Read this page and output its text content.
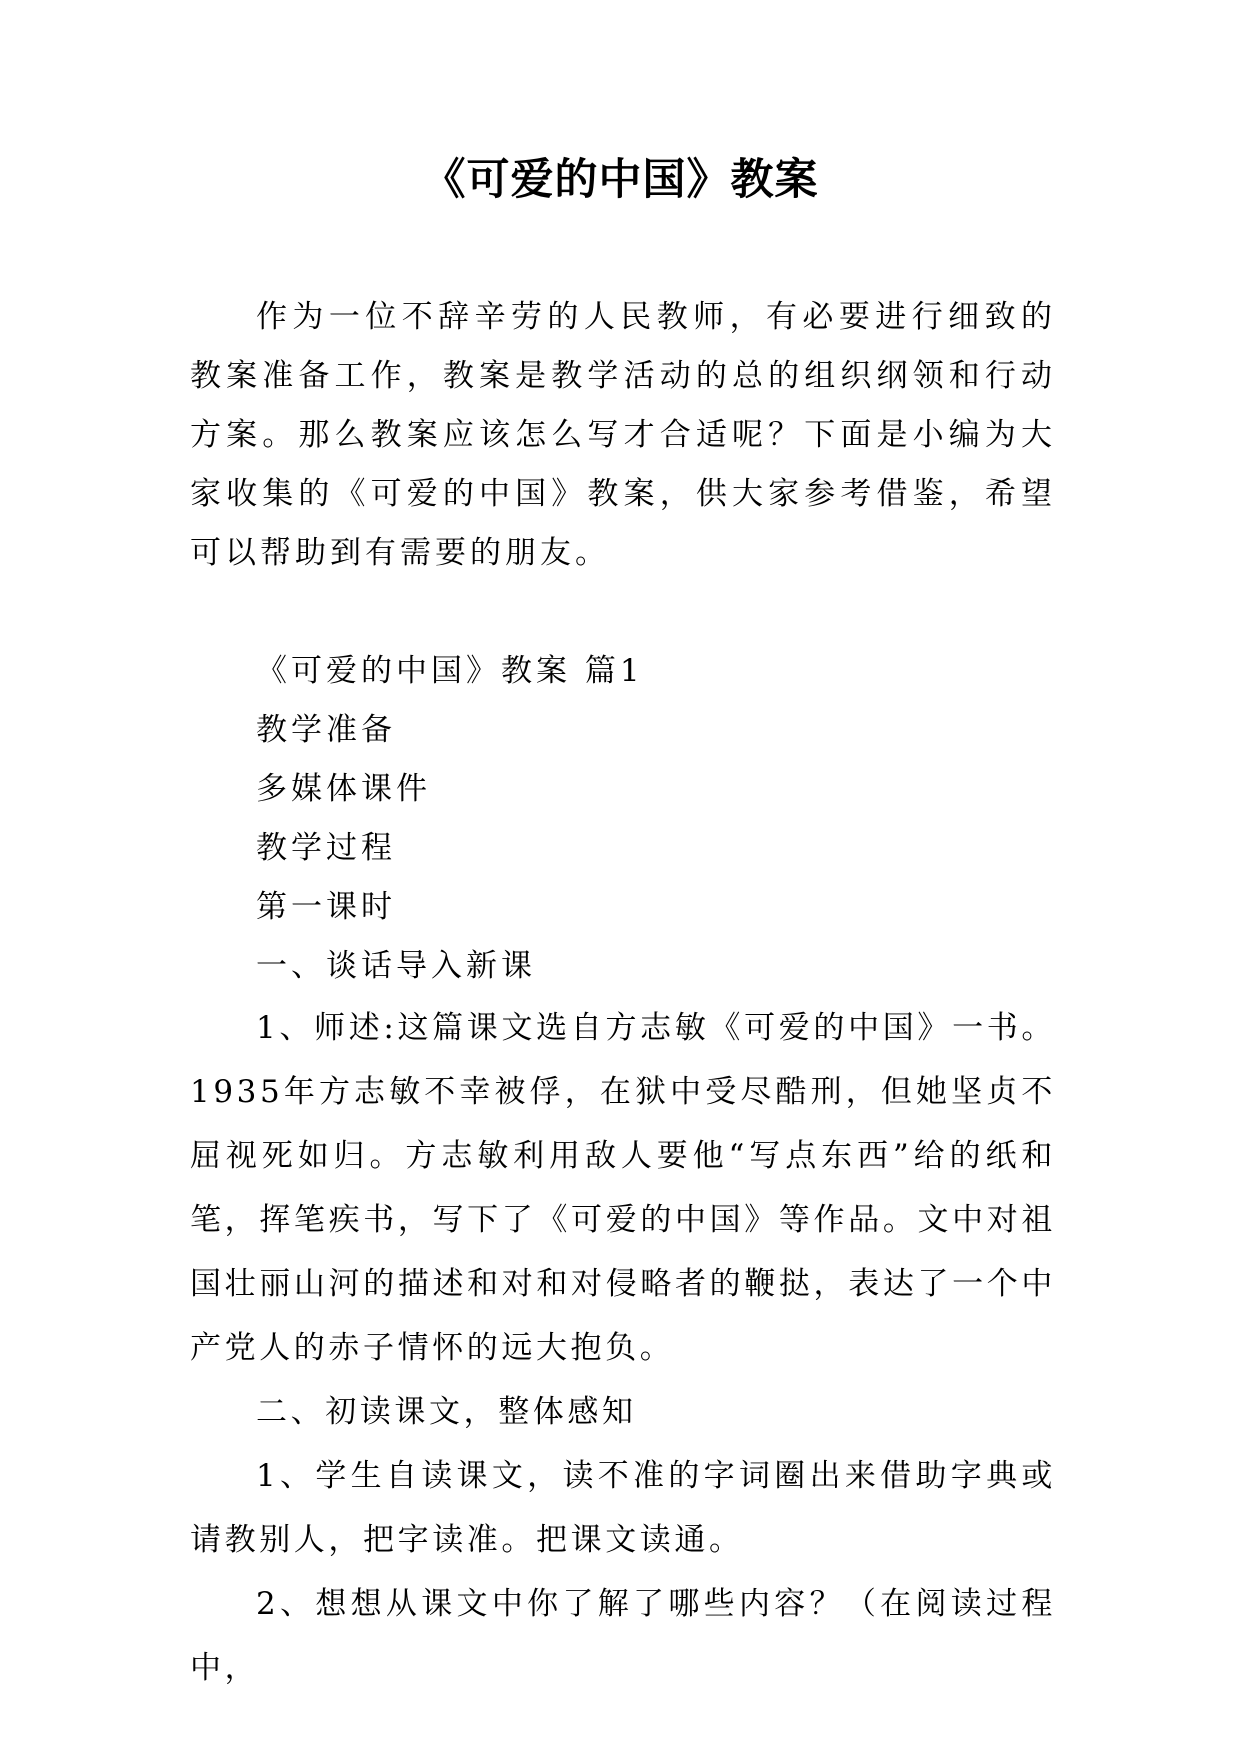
《可爱的中国》教案

作为一位不辞辛劳的人民教师，有必要进行细致的教案准备工作，教案是教学活动的总的组织纲领和行动方案。那么教案应该怎么写才合适呢？下面是小编为大家收集的《可爱的中国》教案，供大家参考借鉴，希望可以帮助到有需要的朋友。

《可爱的中国》教案 篇1

教学准备

多媒体课件

教学过程

第一课时

一、谈话导入新课

1、师述:这篇课文选自方志敏《可爱的中国》一书。1935年方志敏不幸被俘，在狱中受尽酷刑，但她坚贞不屈视死如归。方志敏利用敌人要他“写点东西”给的纸和笔，挥笔疾书，写下了《可爱的中国》等作品。文中对祖国壮丽山河的描述和对和对侵略者的鞭挞，表达了一个中产党人的赤子情怀的远大抱负。

二、初读课文，整体感知

1、学生自读课文，读不准的字词圈出来借助字典或请教别人，把字读准。把课文读通。

2、想想从课文中你了解了哪些内容？（在阅读过程中，
